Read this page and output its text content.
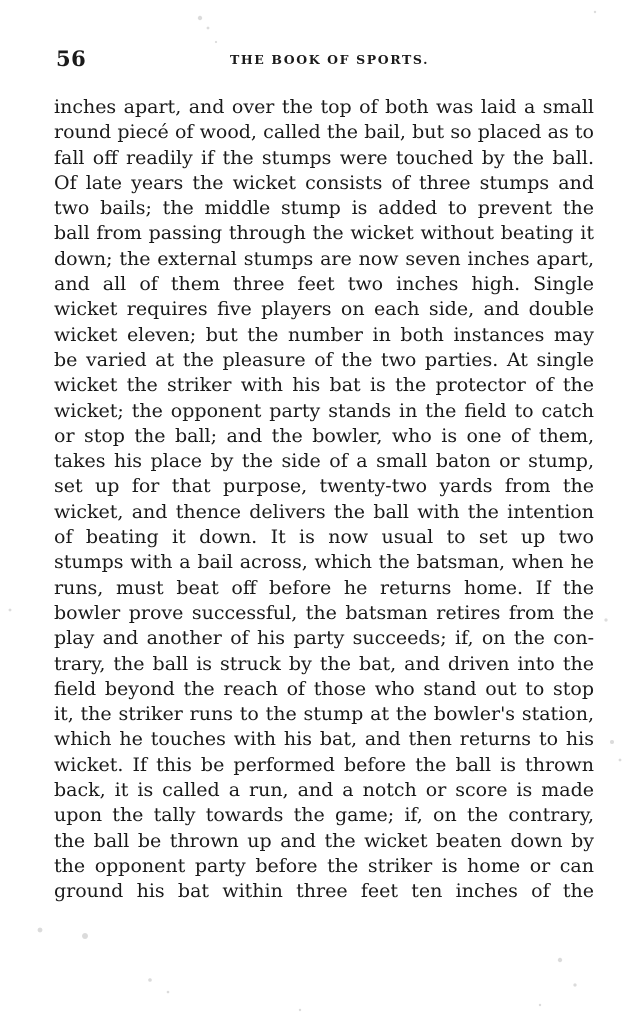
56	THE BOOK OF SPORTS.
inches apart, and over the top of both was laid a small
round piecé of wood, called the bail, but so placed as to
fall off readily if the stumps were touched by the ball.
Of late years the wicket consists of three stumps and
two bails; the middle stump is added to prevent the
ball from passing through the wicket without beating it
down; the external stumps are now seven inches apart,
and all of them three feet two inches high. Single
wicket requires five players on each side, and double
wicket eleven; but the number in both instances may
be varied at the pleasure of the two parties. At single
wicket the striker with his bat is the protector of the
wicket; the opponent party stands in the field to catch
or stop the ball; and the bowler, who is one of them,
takes his place by the side of a small baton or stump,
set up for that purpose, twenty-two yards from the
wicket, and thence delivers the ball with the intention
of beating it down. It is now usual to set up two
stumps with a bail across, which the batsman, when he
runs, must beat off before he returns home. If the
bowler prove successful, the batsman retires from the
play and another of his party succeeds; if, on the con-
trary, the ball is struck by the bat, and driven into the
field beyond the reach of those who stand out to stop
it, the striker runs to the stump at the bowler's station,
which he touches with his bat, and then returns to his
wicket. If this be performed before the ball is thrown
back, it is called a run, and a notch or score is made
upon the tally towards the game; if, on the contrary,
the ball be thrown up and the wicket beaten down by
the opponent party before the striker is home or can
ground his bat within three feet ten inches of the
